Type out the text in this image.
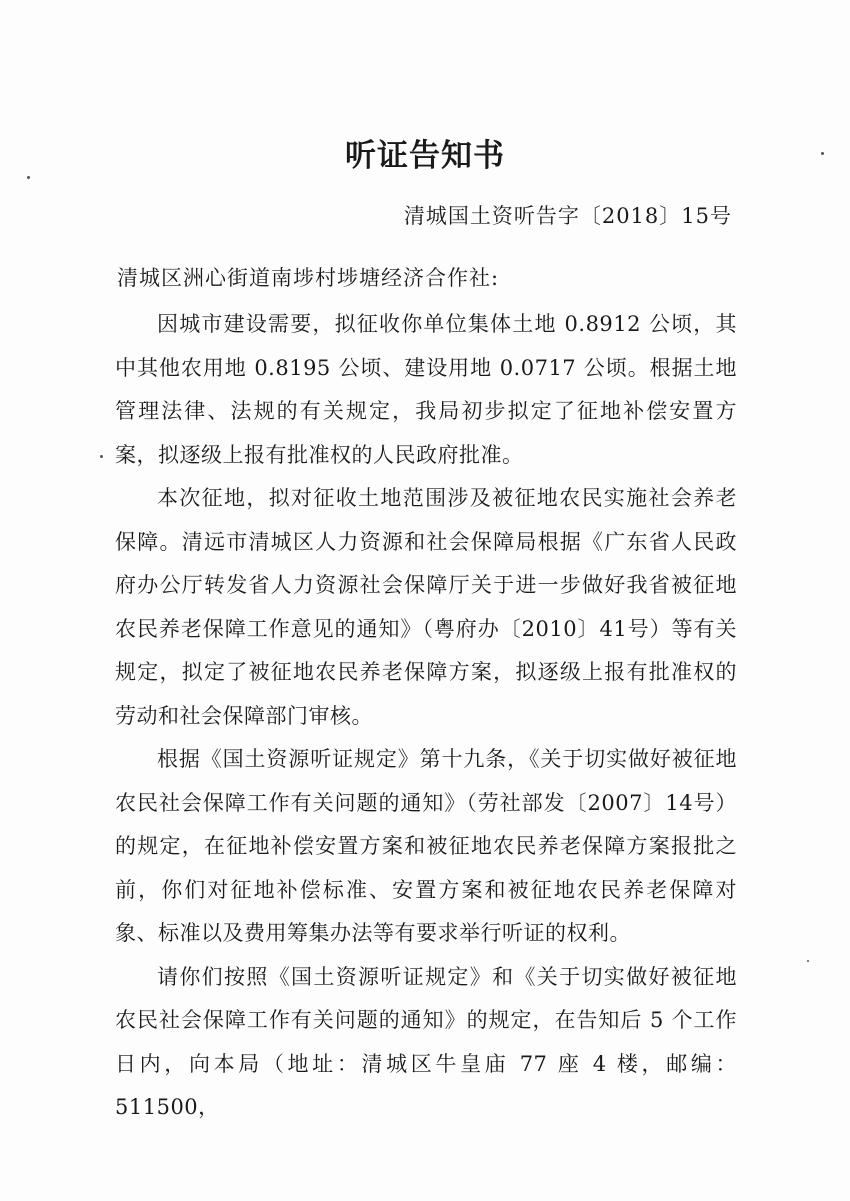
听证告知书
清城国土资听告字〔2018〕15号
清城区洲心街道南埗村埗塘经济合作社:

因城市建设需要，拟征收你单位集体土地 0.8912 公顷，其中其他农用地 0.8195 公顷、建设用地 0.0717 公顷。根据土地管理法律、法规的有关规定，我局初步拟定了征地补偿安置方案，拟逐级上报有批准权的人民政府批准。

本次征地，拟对征收土地范围涉及被征地农民实施社会养老保障。清远市清城区人力资源和社会保障局根据《广东省人民政府办公厅转发省人力资源社会保障厅关于进一步做好我省被征地农民养老保障工作意见的通知》（粤府办〔2010〕41号）等有关规定，拟定了被征地农民养老保障方案，拟逐级上报有批准权的劳动和社会保障部门审核。

根据《国土资源听证规定》第十九条，《关于切实做好被征地农民社会保障工作有关问题的通知》（劳社部发〔2007〕14号）的规定，在征地补偿安置方案和被征地农民养老保障方案报批之前，你们对征地补偿标准、安置方案和被征地农民养老保障对象、标准以及费用筹集办法等有要求举行听证的权利。

请你们按照《国土资源听证规定》和《关于切实做好被征地农民社会保障工作有关问题的通知》的规定，在告知后 5 个工作日内，向本局（地址：清城区牛皇庙 77 座 4 楼，邮编：511500，
